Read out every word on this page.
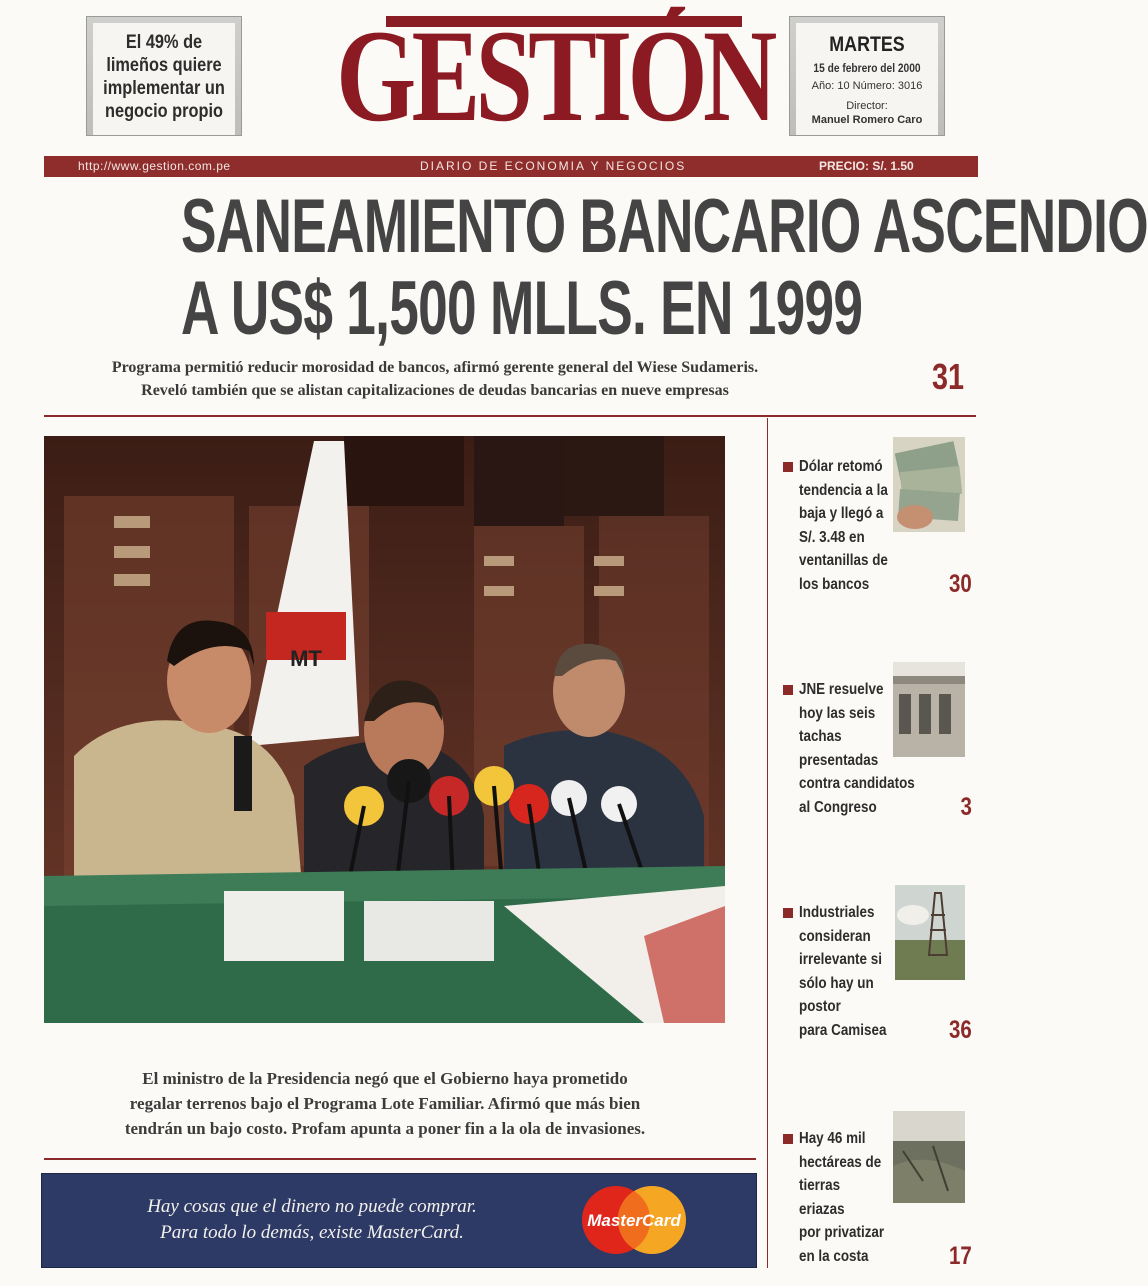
El 49% de
limeños quiere
implementar un
negocio propio GESTIÓN	MARTES
15 de febrero del 2000
Año: 10 Número: 3016
Director:
Manuel Romero Caro
http://www.gestion.com.pe	DIARIO DE ECONOMIA Y NEGOCIOS	PRECIO: S/. 1.50
SANEAMIENTO BANCARIO ASCENDIO
A US$ 1,500 MLLS. EN 1999
Programa permitió reducir morosidad de bancos, afirmó gerente general del Wiese Sudameris.
Reveló también que se alistan capitalizaciones de deudas bancarias en nueve empresas	31
MT
El ministro de la Presidencia negó que el Gobierno haya prometido
regalar terrenos bajo el Programa Lote Familiar. Afirmó que más bien
tendrán un bajo costo. Profam apunta a poner fin a la ola de invasiones.
Hay cosas que el dinero no puede comprar.
Para todo lo demás, existe MasterCard.
MasterCard
Dólar retomó
tendencia a la
baja y llegó a
S/. 3.48 en
ventanillas de
los bancos	30
JNE resuelve
hoy las seis
tachas
presentadas
contra candidatos
al Congreso	3
Industriales
consideran
irrelevante si
sólo hay un
postor
para Camisea	36
Hay 46 mil
hectáreas de
tierras
eriazas
por privatizar
en la costa	17
